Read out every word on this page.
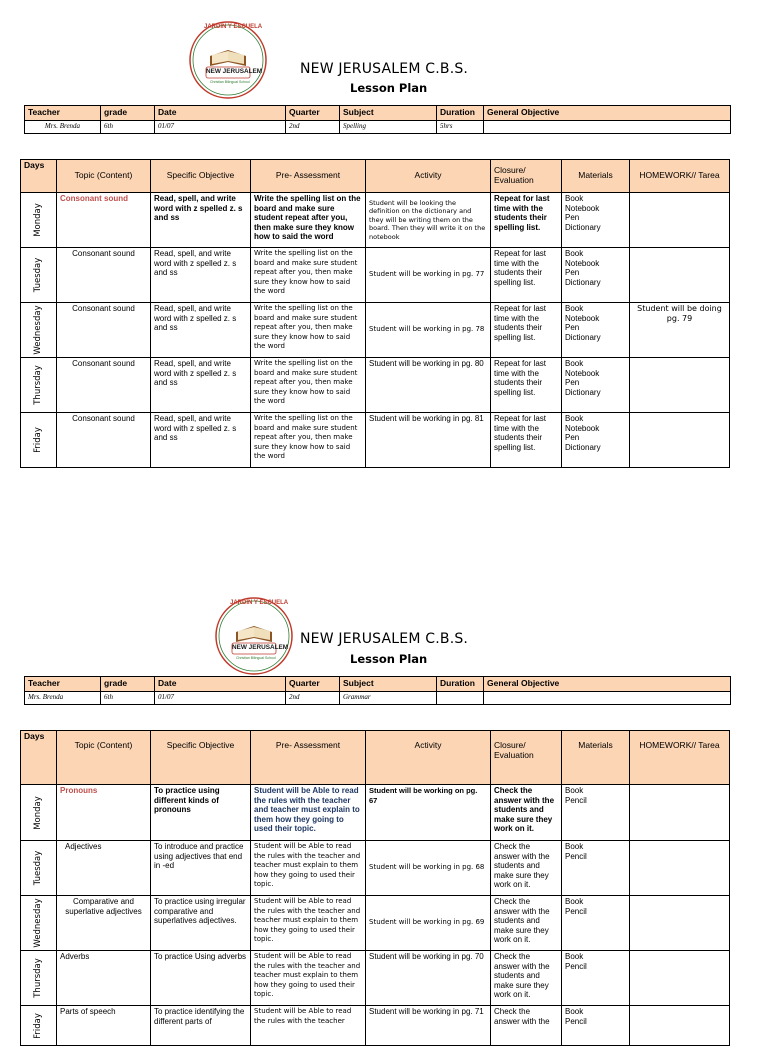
JARDIN Y ESCUELA
NEW JERUSALEM
Christian Bilingual School
NEW JERUSALEM C.B.S.
Lesson Plan
Teacher	grade	Date	Quarter	Subject	Duration	General Objective
Mrs. Brenda	6th	01/07	2nd	Spelling	5hrs	
Days	Topic (Content)	Specific Objective	Pre- Assessment	Activity	Closure/ Evaluation	Materials	HOMEWORK// Tarea

Monday	Consonant sound	Read, spell, and write word with z spelled z. s and ss	Write the spelling list on the board and make sure student repeat after you, then make sure they know how to said the word	Student will be looking the definition on the dictionary and they will be writing them on the board. Then they will write it on the notebook	Repeat for last time with the students their spelling list.	Book
Notebook
Pen
Dictionary	

Tuesday	Consonant sound	Read, spell, and write word with z spelled z. s and ss	Write the spelling list on the board and make sure student repeat after you, then make sure they know how to said the word	Student will be working in pg. 77	Repeat for last time with the students their spelling list.	Book
Notebook
Pen
Dictionary	

Wednesday	Consonant sound	Read, spell, and write word with z spelled z. s and ss	Write the spelling list on the board and make sure student repeat after you, then make sure they know how to said the word	Student will be working in pg. 78	Repeat for last time with the students their spelling list.	Book
Notebook
Pen
Dictionary	Student will be doing pg. 79

Thursday	Consonant sound	Read, spell, and write word with z spelled z. s and ss	Write the spelling list on the board and make sure student repeat after you, then make sure they know how to said the word	Student will be working in pg. 80	Repeat for last time with the students their spelling list.	Book
Notebook
Pen
Dictionary	

Friday	Consonant sound	Read, spell, and write word with z spelled z. s and ss	Write the spelling list on the board and make sure student repeat after you, then make sure they know how to said the word	Student will be working in pg. 81	Repeat for last time with the students their spelling list.	Book
Notebook
Pen
Dictionary	
JARDIN Y ESCUELA
NEW JERUSALEM
Christian Bilingual School
NEW JERUSALEM C.B.S.
Lesson Plan
Teacher	grade	Date	Quarter	Subject	Duration	General Objective
Mrs. Brenda	6th	01/07	2nd	Grammar		
Days	Topic (Content)	Specific Objective	Pre- Assessment	Activity	Closure/ Evaluation	Materials	HOMEWORK// Tarea

Monday	Pronouns	To practice using different kinds of pronouns	Student will be Able to read the rules with the teacher and teacher must explain to them how they going to used their topic.	Student will be working on pg. 67	Check the answer with the students and make sure they work on it.	Book
Pencil	

Tuesday	Adjectives	To introduce and practice using adjectives that end in -ed	Student will be Able to read the rules with the teacher and teacher must explain to them how they going to used their topic.	Student will be working in pg. 68	Check the answer with the students and make sure they work on it.	Book
Pencil	

Wednesday	Comparative and superlative adjectives	To practice using irregular comparative and superlatives adjectives.	Student will be Able to read the rules with the teacher and teacher must explain to them how they going to used their topic.	Student will be working in pg. 69	Check the answer with the students and make sure they work on it.	Book
Pencil	

Thursday	Adverbs	To practice Using adverbs	Student will be Able to read the rules with the teacher and teacher must explain to them how they going to used their topic.	Student will be working in pg. 70	Check the answer with the students and make sure they work on it.	Book
Pencil	

Friday	Parts of speech	To practice identifying the different parts of	Student will be Able to read the rules with the teacher	Student will be working in pg. 71	Check the answer with the	Book
Pencil	
